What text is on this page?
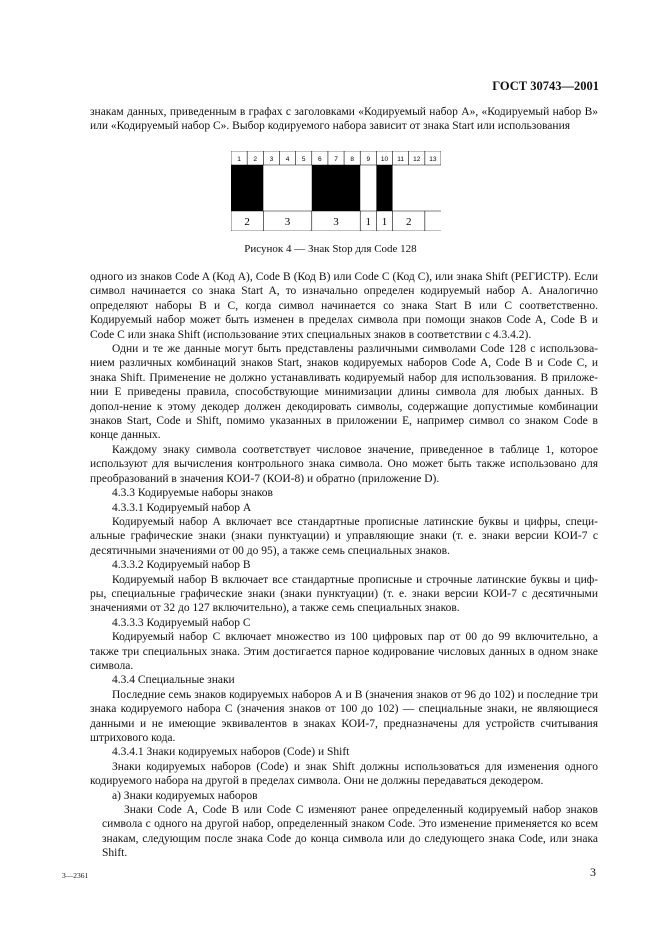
ГОСТ 30743—2001

знакам данных, приведенным в графах с заголовками «Кодируемый набор А», «Кодируемый набор В» или «Кодируемый набор С». Выбор кодируемого набора зависит от знака Start или использования

1 2 3 4 5 6 7 8 9 10 11 12 13
2	3	3 1 1 2
Рисунок 4 — Знак Stop для Code 128

одного из знаков Code A (Код А), Code В (Код В) или Code С (Код С), или знака Shift (РЕГИСТР). Если символ начинается со знака Start A, то изначально определен кодируемый набор А. Аналогично определяют наборы В и С, когда символ начинается со знака Start В или С соответственно. Кодируемый набор может быть изменен в пределах символа при помощи знаков Code A, Code В и Code С или знака Shift (использование этих специальных знаков в соответствии с 4.3.4.2).

Одни и те же данные могут быть представлены различными символами Code 128 с использова-нием различных комбинаций знаков Start, знаков кодируемых наборов Code A, Code В и Code С, и знака Shift. Применение не должно устанавливать кодируемый набор для использования. В приложе-нии Е приведены правила, способствующие минимизации длины символа для любых данных. В допол-нение к этому декодер должен декодировать символы, содержащие допустимые комбинации знаков Start, Code и Shift, помимо указанных в приложении Е, например символ со знаком Code в конце данных.

Каждому знаку символа соответствует числовое значение, приведенное в таблице 1, которое используют для вычисления контрольного знака символа. Оно может быть также использовано для преобразований в значения КОИ-7 (КОИ-8) и обратно (приложение D).

4.3.3 Кодируемые наборы знаков

4.3.3.1 Кодируемый набор А

Кодируемый набор А включает все стандартные прописные латинские буквы и цифры, специ-альные графические знаки (знаки пунктуации) и управляющие знаки (т. е. знаки версии КОИ-7 с десятичными значениями от 00 до 95), а также семь специальных знаков.

4.3.3.2 Кодируемый набор В

Кодируемый набор В включает все стандартные прописные и строчные латинские буквы и циф-ры, специальные графические знаки (знаки пунктуации) (т. е. знаки версии КОИ-7 с десятичными значениями от 32 до 127 включительно), а также семь специальных знаков.

4.3.3.3 Кодируемый набор С

Кодируемый набор С включает множество из 100 цифровых пар от 00 до 99 включительно, а также три специальных знака. Этим достигается парное кодирование числовых данных в одном знаке символа.

4.3.4 Специальные знаки

Последние семь знаков кодируемых наборов А и В (значения знаков от 96 до 102) и последние три знака кодируемого набора С (значения знаков от 100 до 102) — специальные знаки, не являющиеся данными и не имеющие эквивалентов в знаках КОИ-7, предназначены для устройств считывания штрихового кода.

4.3.4.1 Знаки кодируемых наборов (Code) и Shift

Знаки кодируемых наборов (Code) и знак Shift должны использоваться для изменения одного кодируемого набора на другой в пределах символа. Они не должны передаваться декодером.

а) Знаки кодируемых наборов

Знаки Code А, Code В или Code С изменяют ранее определенный кодируемый набор знаков символа с одного на другой набор, определенный знаком Code. Это изменение применяется ко всем знакам, следующим после знака Code до конца символа или до следующего знака Code, или знака Shift.

3—2361	3
